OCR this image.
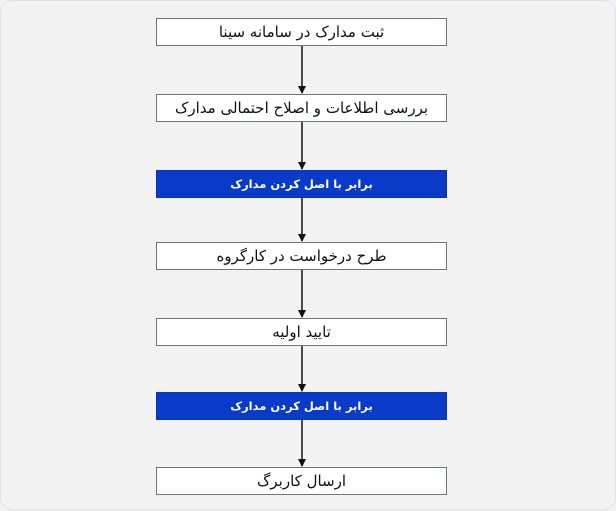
ثبت مدارک در سامانه سینا
بررسی اطلاعات و اصلاح احتمالی مدارک
برابر با اصل کردن مدارک
طرح درخواست در کارگروه
تایید اولیه
برابر با اصل کردن مدارک
ارسال کاربرگ
